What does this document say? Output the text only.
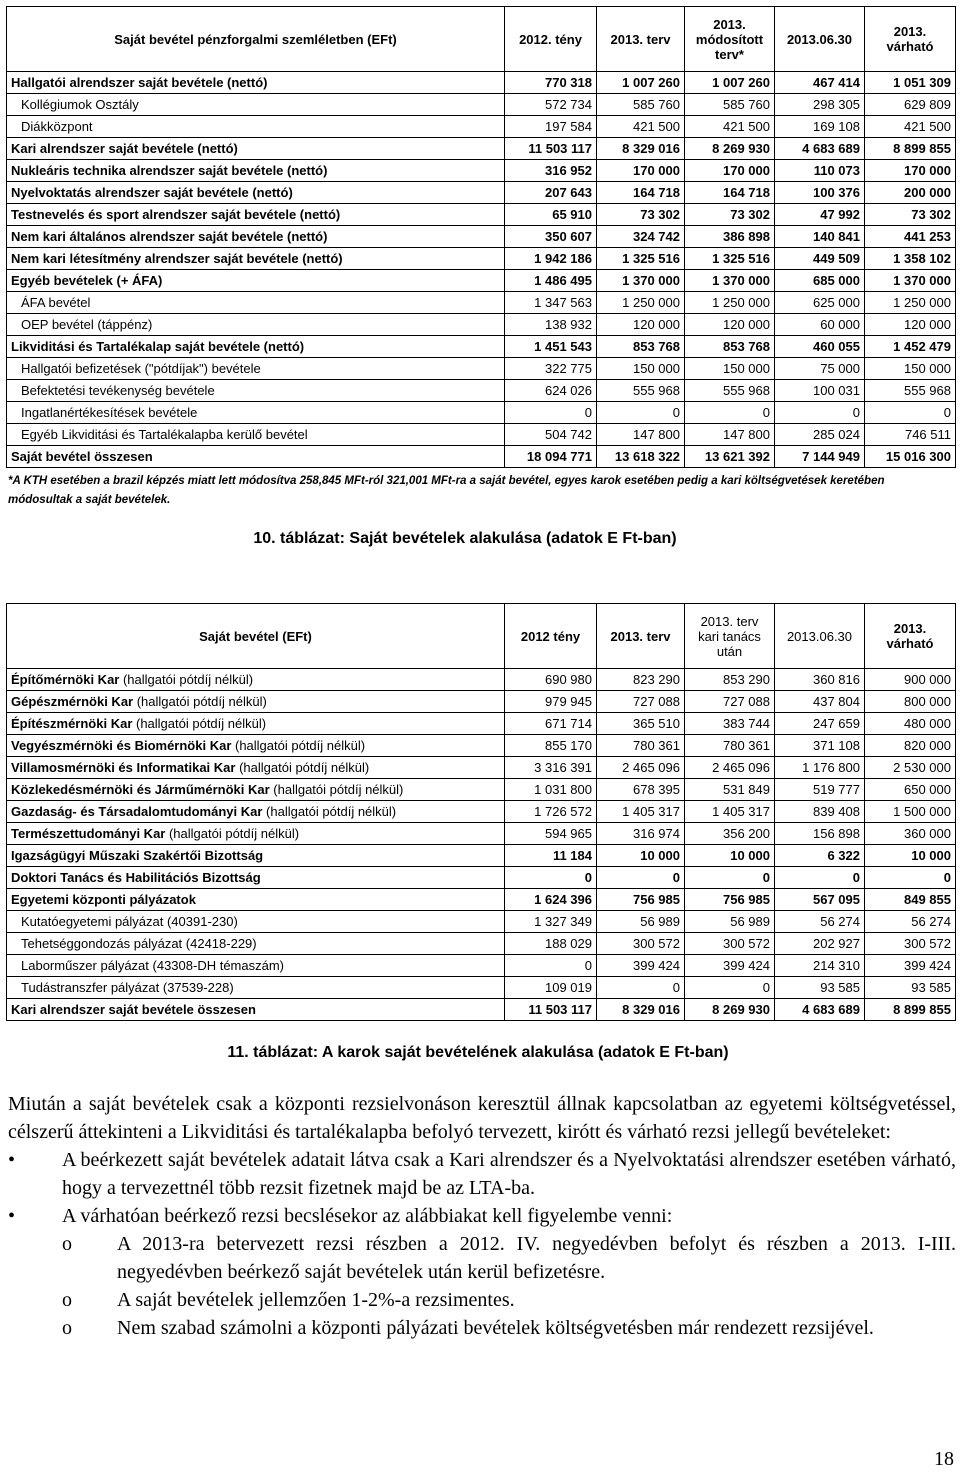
Saját bevétel pénzforgalmi szemléletben (EFt)	2012. tény	2013. terv	2013. módosított terv*	2013.06.30	2013. várható
Hallgatói alrendszer saját bevétele (nettó)	770 318	1 007 260	1 007 260	467 414	1 051 309
Kollégiumok Osztály	572 734	585 760	585 760	298 305	629 809
Diákközpont	197 584	421 500	421 500	169 108	421 500
Kari alrendszer saját bevétele (nettó)	11 503 117	8 329 016	8 269 930	4 683 689	8 899 855
Nukleáris technika alrendszer saját bevétele (nettó)	316 952	170 000	170 000	110 073	170 000
Nyelvoktatás alrendszer saját bevétele (nettó)	207 643	164 718	164 718	100 376	200 000
Testnevelés és sport alrendszer saját bevétele (nettó)	65 910	73 302	73 302	47 992	73 302
Nem kari általános alrendszer saját bevétele (nettó)	350 607	324 742	386 898	140 841	441 253
Nem kari létesítmény alrendszer saját bevétele (nettó)	1 942 186	1 325 516	1 325 516	449 509	1 358 102
Egyéb bevételek (+ ÁFA)	1 486 495	1 370 000	1 370 000	685 000	1 370 000
ÁFA bevétel	1 347 563	1 250 000	1 250 000	625 000	1 250 000
OEP bevétel (táppénz)	138 932	120 000	120 000	60 000	120 000
Likviditási és Tartalékalap saját bevétele (nettó)	1 451 543	853 768	853 768	460 055	1 452 479
Hallgatói befizetések ("pótdíjak") bevétele	322 775	150 000	150 000	75 000	150 000
Befektetési tevékenység bevétele	624 026	555 968	555 968	100 031	555 968
Ingatlanértékesítések bevétele	0	0	0	0	0
Egyéb Likviditási és Tartalékalapba kerülő bevétel	504 742	147 800	147 800	285 024	746 511
Saját bevétel összesen	18 094 771	13 618 322	13 621 392	7 144 949	15 016 300
*A KTH esetében a brazil képzés miatt lett módosítva 258,845 MFt-ról 321,001 MFt-ra a saját bevétel, egyes karok esetében pedig a kari költségvetések keretében módosultak a saját bevételek.
10. táblázat: Saját bevételek alakulása (adatok E Ft-ban)
Saját bevétel (EFt)	2012 tény	2013. terv	2013. terv kari tanács után	2013.06.30	2013. várható
Építőmérnöki Kar (hallgatói pótdíj nélkül)	690 980	823 290	853 290	360 816	900 000
Gépészmérnöki Kar (hallgatói pótdíj nélkül)	979 945	727 088	727 088	437 804	800 000
Építészmérnöki Kar (hallgatói pótdíj nélkül)	671 714	365 510	383 744	247 659	480 000
Vegyészmérnöki és Biomérnöki Kar (hallgatói pótdíj nélkül)	855 170	780 361	780 361	371 108	820 000
Villamosmérnöki és Informatikai Kar (hallgatói pótdíj nélkül)	3 316 391	2 465 096	2 465 096	1 176 800	2 530 000
Közlekedésmérnöki és Járműmérnöki Kar (hallgatói pótdíj nélkül)	1 031 800	678 395	531 849	519 777	650 000
Gazdaság- és Társadalomtudományi Kar (hallgatói pótdíj nélkül)	1 726 572	1 405 317	1 405 317	839 408	1 500 000
Természettudományi Kar (hallgatói pótdíj nélkül)	594 965	316 974	356 200	156 898	360 000
Igazságügyi Műszaki Szakértői Bizottság	11 184	10 000	10 000	6 322	10 000
Doktori Tanács és Habilitációs Bizottság	0	0	0	0	0
Egyetemi központi pályázatok	1 624 396	756 985	756 985	567 095	849 855
Kutatóegyetemi pályázat (40391-230)	1 327 349	56 989	56 989	56 274	56 274
Tehetséggondozás pályázat (42418-229)	188 029	300 572	300 572	202 927	300 572
Laborműszer pályázat (43308-DH témaszám)	0	399 424	399 424	214 310	399 424
Tudástranszfer pályázat (37539-228)	109 019	0	0	93 585	93 585
Kari alrendszer saját bevétele összesen	11 503 117	8 329 016	8 269 930	4 683 689	8 899 855
11. táblázat: A karok saját bevételének alakulása (adatok E Ft-ban)

Miután a saját bevételek csak a központi rezsielvonáson keresztül állnak kapcsolatban az egyetemi költségvetéssel, célszerű áttekinteni a Likviditási és tartalékalapba befolyó tervezett, kirótt és várható rezsi jellegű bevételeket:

• A beérkezett saját bevételek adatait látva csak a Kari alrendszer és a Nyelvoktatási alrendszer esetében várható, hogy a tervezettnél több rezsit fizetnek majd be az LTA-ba.
• A várhatóan beérkező rezsi becslésekor az alábbiakat kell figyelembe venni:
o A 2013-ra betervezett rezsi részben a 2012. IV. negyedévben befolyt és részben a 2013. I-III. negyedévben beérkező saját bevételek után kerül befizetésre.
o A saját bevételek jellemzően 1-2%-a rezsimentes.
o Nem szabad számolni a központi pályázati bevételek költségvetésben már rendezett rezsijével.
18
